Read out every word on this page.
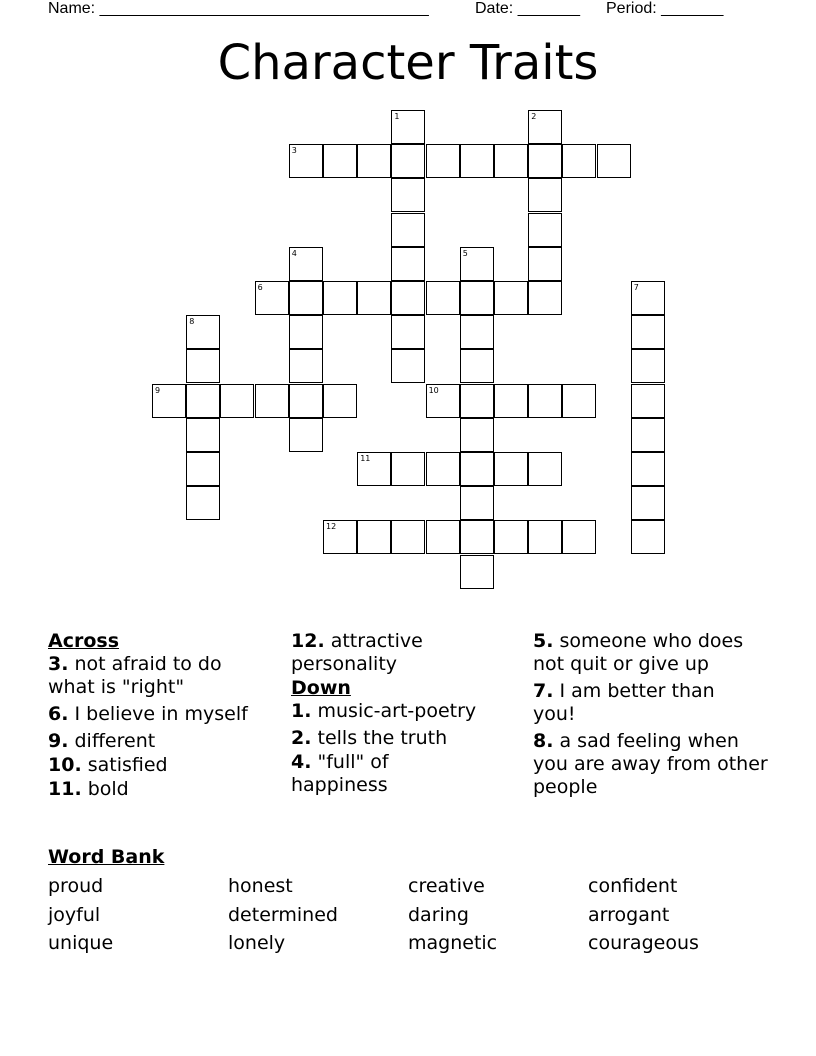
Name: _____________________________________	Date: _______ Period: _______
Character Traits
1	2
3
4	5
6	7
8
9	10
11
12
Across
3. not afraid to do what is "right"
6. I believe in myself
9. different
10. satisfied
11. bold
12. attractive personality
Down
1. music-art-poetry
2. tells the truth
4. "full" of happiness
5. someone who does not quit or give up
7. I am better than you!
8. a sad feeling when you are away from other people
Word Bank
proud	honest	creative	confident
joyful	determined	daring	arrogant
unique	lonely	magnetic	courageous
